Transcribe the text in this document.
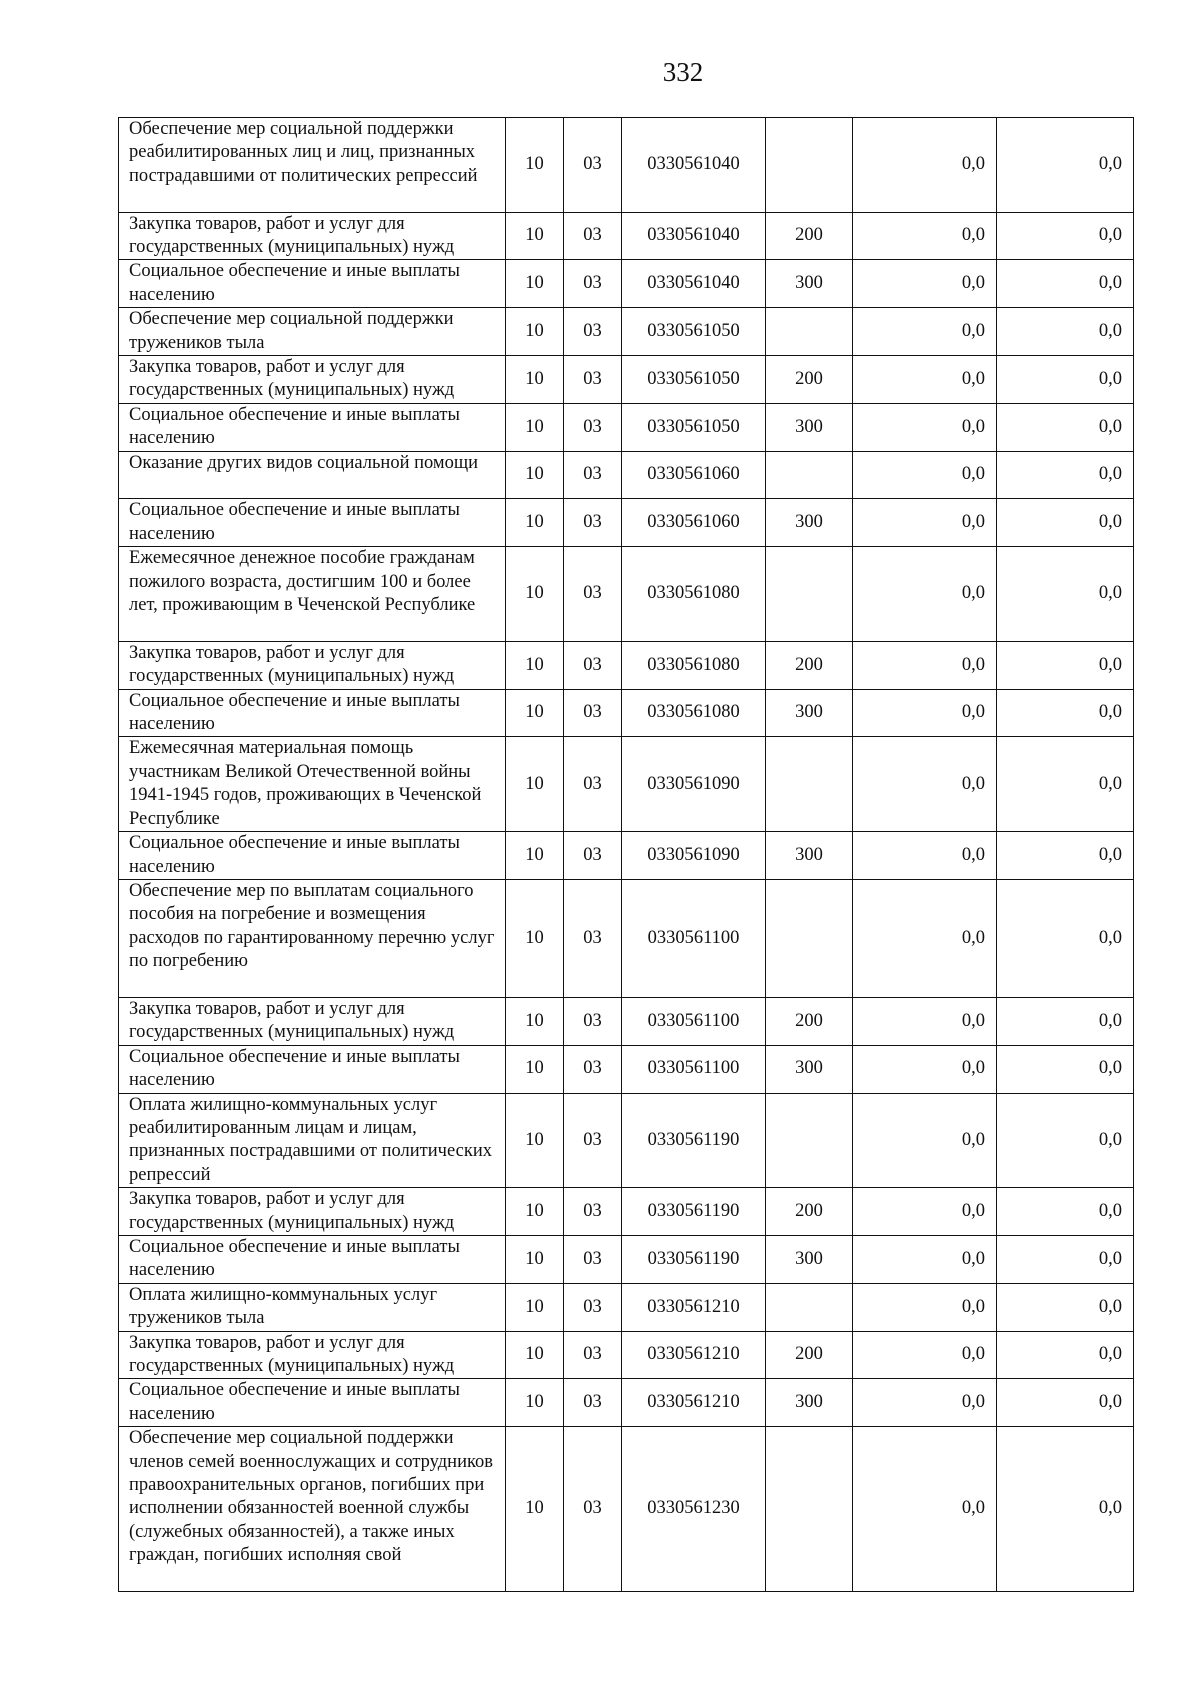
332
Обеспечение мер социальной поддержки реабилитированных лиц и лиц, признанных пострадавшими от политических репрессий	10	03	0330561040		0,0	0,0
Закупка товаров, работ и услуг для государственных (муниципальных) нужд	10	03	0330561040	200	0,0	0,0
Социальное обеспечение и иные выплаты населению	10	03	0330561040	300	0,0	0,0
Обеспечение мер социальной поддержки тружеников тыла	10	03	0330561050		0,0	0,0
Закупка товаров, работ и услуг для государственных (муниципальных) нужд	10	03	0330561050	200	0,0	0,0
Социальное обеспечение и иные выплаты населению	10	03	0330561050	300	0,0	0,0
Оказание других видов социальной помощи	10	03	0330561060		0,0	0,0
Социальное обеспечение и иные выплаты населению	10	03	0330561060	300	0,0	0,0
Ежемесячное денежное пособие гражданам пожилого возраста, достигшим 100 и более лет, проживающим в Чеченской Республике	10	03	0330561080		0,0	0,0
Закупка товаров, работ и услуг для государственных (муниципальных) нужд	10	03	0330561080	200	0,0	0,0
Социальное обеспечение и иные выплаты населению	10	03	0330561080	300	0,0	0,0
Ежемесячная материальная помощь участникам Великой Отечественной войны 1941-1945 годов, проживающих в Чеченской Республике	10	03	0330561090		0,0	0,0
Социальное обеспечение и иные выплаты населению	10	03	0330561090	300	0,0	0,0
Обеспечение мер по выплатам социального пособия на погребение и возмещения расходов по гарантированному перечню услуг по погребению	10	03	0330561100		0,0	0,0
Закупка товаров, работ и услуг для государственных (муниципальных) нужд	10	03	0330561100	200	0,0	0,0
Социальное обеспечение и иные выплаты населению	10	03	0330561100	300	0,0	0,0
Оплата жилищно-коммунальных услуг реабилитированным лицам и лицам, признанных пострадавшими от политических репрессий	10	03	0330561190		0,0	0,0
Закупка товаров, работ и услуг для государственных (муниципальных) нужд	10	03	0330561190	200	0,0	0,0
Социальное обеспечение и иные выплаты населению	10	03	0330561190	300	0,0	0,0
Оплата жилищно-коммунальных услуг тружеников тыла	10	03	0330561210		0,0	0,0
Закупка товаров, работ и услуг для государственных (муниципальных) нужд	10	03	0330561210	200	0,0	0,0
Социальное обеспечение и иные выплаты населению	10	03	0330561210	300	0,0	0,0
Обеспечение мер социальной поддержки членов семей военнослужащих и сотрудников правоохранительных органов, погибших при исполнении обязанностей военной службы (служебных обязанностей), а также иных граждан, погибших исполняя свой	10	03	0330561230		0,0	0,0
